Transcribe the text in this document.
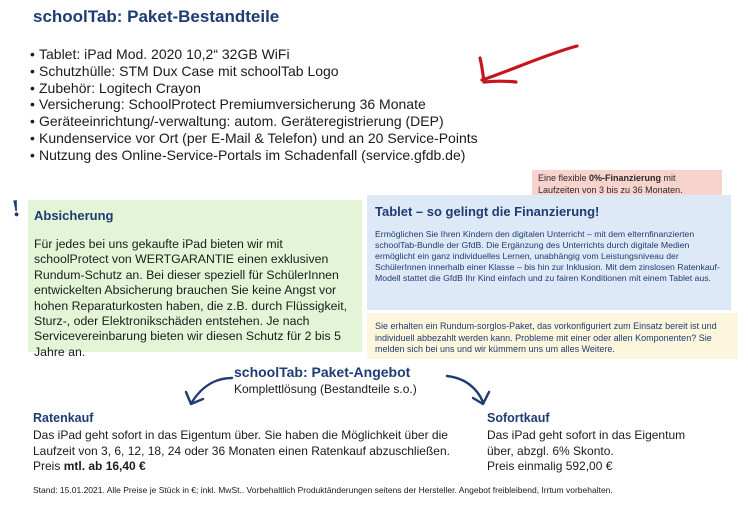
schoolTab: Paket-Bestandteile
• Tablet: iPad Mod. 2020 10,2“ 32GB WiFi
• Schutzhülle: STM Dux Case mit schoolTab Logo
• Zubehör: Logitech Crayon
• Versicherung: SchoolProtect Premiumversicherung 36 Monate
• Geräteeinrichtung/-verwaltung: autom. Geräteregistrierung (DEP)
• Kundenservice vor Ort (per E-Mail & Telefon) und an 20 Service-Points
• Nutzung des Online-Service-Portals im Schadenfall (service.gfdb.de)
Eine flexible 0%-Finanzierung mit Laufzeiten von 3 bis zu 36 Monaten.
! Absicherung

Für jedes bei uns gekaufte iPad bieten wir mit schoolProtect von WERTGARANTIE einen exklusiven Rundum-Schutz an. Bei dieser speziell für SchülerInnen entwickelten Absicherung brauchen Sie keine Angst vor hohen Reparaturkosten haben, die z.B. durch Flüssigkeit, Sturz-, oder Elektronikschäden entstehen. Je nach Servicevereinbarung bieten wir diesen Schutz für 2 bis 5 Jahre an.

Tablet – so gelingt die Finanzierung!

Ermöglichen Sie Ihren Kindern den digitalen Unterricht – mit dem elternfinanzierten schoolTab-Bundle der GfdB. Die Ergänzung des Unterrichts durch digitale Medien ermöglicht ein ganz individuelles Lernen, unabhängig vom Leistungsniveau der SchülerInnen innerhalb einer Klasse – bis hin zur Inklusion. Mit dem zinslosen Ratenkauf-Modell stattet die GfdB Ihr Kind einfach und zu fairen Konditionen mit einem Tablet aus.

Sie erhalten ein Rundum-sorglos-Paket, das vorkonfiguriert zum Einsatz bereit ist und individuell abbezahlt werden kann. Probleme mit einer oder allen Komponenten? Sie melden sich bei uns und wir kümmern uns um alles Weitere.
schoolTab: Paket-Angebot
Komplettlösung (Bestandteile s.o.)
Ratenkauf
Das iPad geht sofort in das Eigentum über. Sie haben die Möglichkeit über die Laufzeit von 3, 6, 12, 18, 24 oder 36 Monaten einen Ratenkauf abzuschließen.
Preis mtl. ab 16,40 €
Sofortkauf
Das iPad geht sofort in das Eigentum über, abzgl. 6% Skonto.
Preis einmalig 592,00 €
Stand: 15.01.2021. Alle Preise je Stück in €; inkl. MwSt.. Vorbehaltlich Produktänderungen seitens der Hersteller. Angebot freibleibend, Irrtum vorbehalten.
